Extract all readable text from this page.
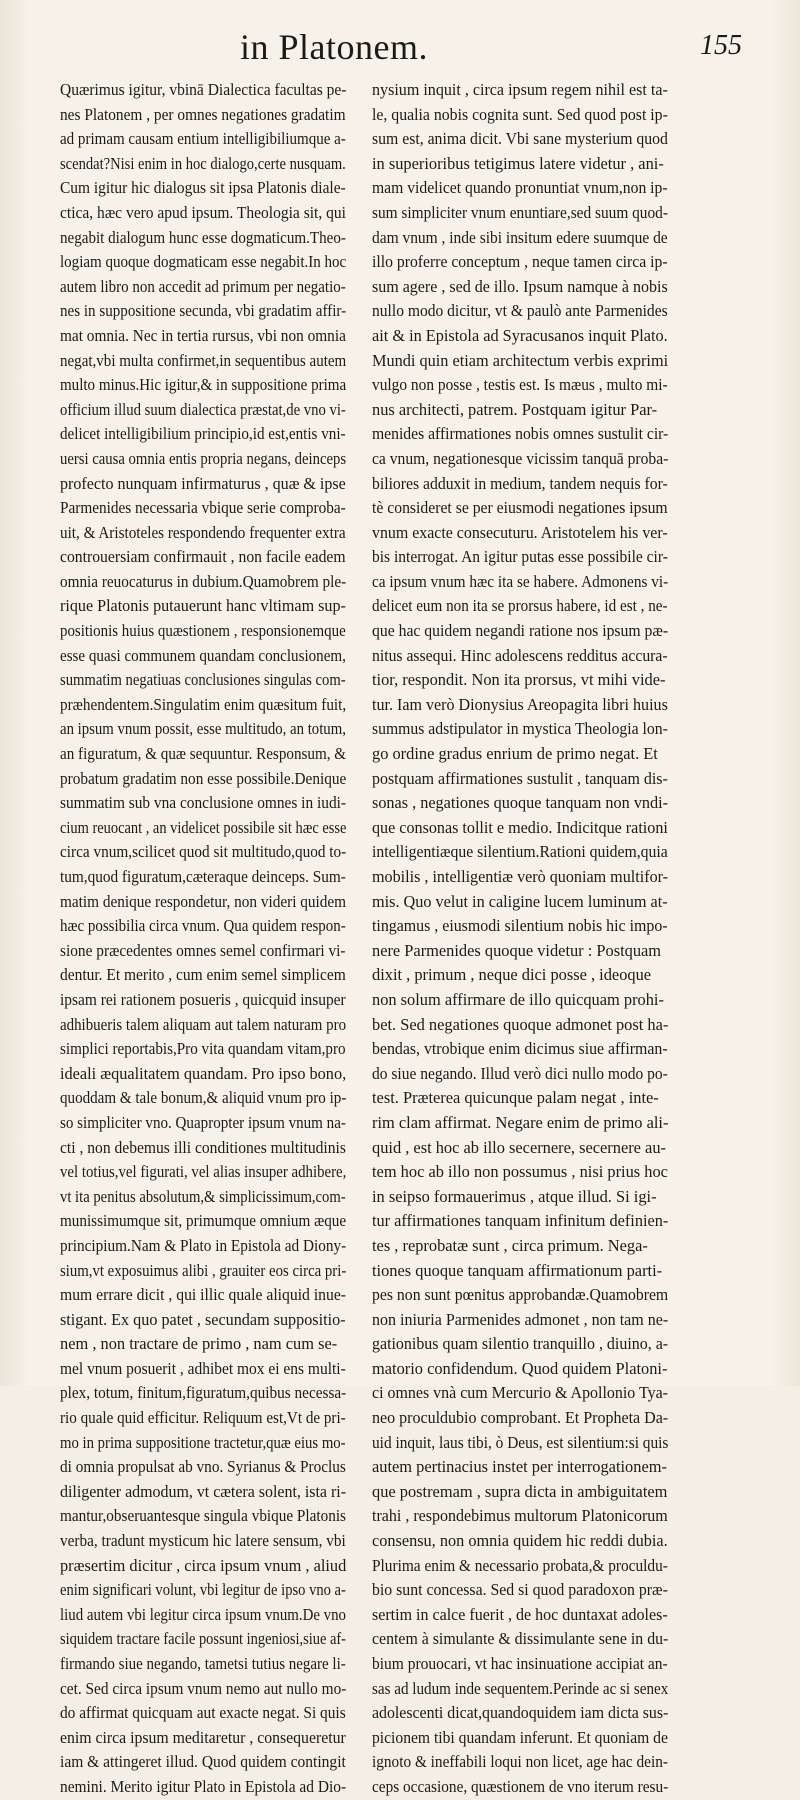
in Platonem.	155
Quærimus igitur, vbinā Dialectica facultas pe-
nes Platonem , per omnes negationes gradatim
ad primam causam entium intelligibiliumque a-
scendat?Nisi enim in hoc dialogo,certe nusquam.
Cum igitur hic dialogus sit ipsa Platonis diale-
ctica, hæc vero apud ipsum. Theologia sit, qui
negabit dialogum hunc esse dogmaticum.Theo-
logiam quoque dogmaticam esse negabit.In hoc
autem libro non accedit ad primum per negatio-
nes in suppositione secunda, vbi gradatim affir-
mat omnia. Nec in tertia rursus, vbi non omnia
negat,vbi multa confirmet,in sequentibus autem
multo minus.Hic igitur,& in suppositione prima
officium illud suum dialectica præstat,de vno vi-
delicet intelligibilium principio,id est,entis vni-
uersi causa omnia entis propria negans, deinceps
profecto nunquam infirmaturus , quæ & ipse
Parmenides necessaria vbique serie comproba-
uit, & Aristoteles respondendo frequenter extra
controuersiam confirmauit , non facile eadem
omnia reuocaturus in dubium.Quamobrem ple-
rique Platonis putauerunt hanc vltimam sup-
positionis huius quæstionem , responsionemque
esse quasi communem quandam conclusionem,
summatim negatiuas conclusiones singulas com-
præhendentem.Singulatim enim quæsitum fuit,
an ipsum vnum possit, esse multitudo, an totum,
an figuratum, & quæ sequuntur. Responsum, &
probatum gradatim non esse possibile.Denique
summatim sub vna conclusione omnes in iudi-
cium reuocant , an videlicet possibile sit hæc esse
circa vnum,scilicet quod sit multitudo,quod to-
tum,quod figuratum,cæteraque deinceps. Sum-
matim denique respondetur, non videri quidem
hæc possibilia circa vnum. Qua quidem respon-
sione præcedentes omnes semel confirmari vi-
dentur. Et merito , cum enim semel simplicem
ipsam rei rationem posueris , quicquid insuper
adhibueris talem aliquam aut talem naturam pro
simplici reportabis,Pro vita quandam vitam,pro
ideali æqualitatem quandam. Pro ipso bono,
quoddam & tale bonum,& aliquid vnum pro ip-
so simpliciter vno. Quapropter ipsum vnum na-
cti , non debemus illi conditiones multitudinis
vel totius,vel figurati, vel alias insuper adhibere,
vt ita penitus absolutum,& simplicissimum,com-
munissimumque sit, primumque omnium æque
principium.Nam & Plato in Epistola ad Diony-
sium,vt exposuimus alibi , grauiter eos circa pri-
mum errare dicit , qui illic quale aliquid inue-
stigant. Ex quo patet , secundam suppositio-
nem , non tractare de primo , nam cum se-
mel vnum posuerit , adhibet mox ei ens multi-
plex, totum, finitum,figuratum,quibus necessa-
rio quale quid efficitur. Reliquum est,Vt de pri-
mo in prima suppositione tractetur,quæ eius mo-
di omnia propulsat ab vno. Syrianus & Proclus
diligenter admodum, vt cætera solent, ista ri-
mantur,obseruantesque singula vbique Platonis
verba, tradunt mysticum hic latere sensum, vbi
præsertim dicitur , circa ipsum vnum , aliud
enim significari volunt, vbi legitur de ipso vno a-
liud autem vbi legitur circa ipsum vnum.De vno
siquidem tractare facile possunt ingeniosi,siue af-
firmando siue negando, tametsi tutius negare li-
cet. Sed circa ipsum vnum nemo aut nullo mo-
do affirmat quicquam aut exacte negat. Si quis
enim circa ipsum meditaretur , consequeretur
iam & attingeret illud. Quod quidem contingit
nemini. Merito igitur Plato in Epistola ad Dio-
nysium inquit , circa ipsum regem nihil est ta-
le, qualia nobis cognita sunt. Sed quod post ip-
sum est, anima dicit. Vbi sane mysterium quod
in superioribus tetigimus latere videtur , ani-
mam videlicet quando pronuntiat vnum,non ip-
sum simpliciter vnum enuntiare,sed suum quod-
dam vnum , inde sibi insitum edere suumque de
illo proferre conceptum , neque tamen circa ip-
sum agere , sed de illo. Ipsum namque à nobis
nullo modo dicitur, vt & paulò ante Parmenides
ait & in Epistola ad Syracusanos inquit Plato.
Mundi quin etiam architectum verbis exprimi
vulgo non posse , testis est. Is mæus , multo mi-
nus architecti, patrem. Postquam igitur Par-
menides affirmationes nobis omnes sustulit cir-
ca vnum, negationesque vicissim tanquā proba-
biliores adduxit in medium, tandem nequis for-
tè consideret se per eiusmodi negationes ipsum
vnum exacte consecuturu. Aristotelem his ver-
bis interrogat. An igitur putas esse possibile cir-
ca ipsum vnum hæc ita se habere. Admonens vi-
delicet eum non ita se prorsus habere, id est , ne-
que hac quidem negandi ratione nos ipsum pæ-
nitus assequi. Hinc adolescens redditus accura-
tior, respondit. Non ita prorsus, vt mihi vide-
tur. Iam verò Dionysius Areopagita libri huius
summus adstipulator in mystica Theologia lon-
go ordine gradus enrium de primo negat. Et
postquam affirmationes sustulit , tanquam dis-
sonas , negationes quoque tanquam non vndi-
que consonas tollit e medio. Indicitque rationi
intelligentiæque silentium.Rationi quidem,quia
mobilis , intelligentiæ verò quoniam multifor-
mis. Quo velut in caligine lucem luminum at-
tingamus , eiusmodi silentium nobis hic impo-
nere Parmenides quoque videtur : Postquam
dixit , primum , neque dici posse , ideoque
non solum affirmare de illo quicquam prohi-
bet. Sed negationes quoque admonet post ha-
bendas, vtrobique enim dicimus siue affirman-
do siue negando. Illud verò dici nullo modo po-
test. Præterea quicunque palam negat , inte-
rim clam affirmat. Negare enim de primo ali-
quid , est hoc ab illo secernere, secernere au-
tem hoc ab illo non possumus , nisi prius hoc
in seipso formauerimus , atque illud. Si igi-
tur affirmationes tanquam infinitum definien-
tes , reprobatæ sunt , circa primum. Nega-
tiones quoque tanquam affirmationum parti-
pes non sunt pœnitus approbandæ.Quamobrem
non iniuria Parmenides admonet , non tam ne-
gationibus quam silentio tranquillo , diuino, a-
matorio confidendum. Quod quidem Platoni-
ci omnes vnà cum Mercurio & Apollonio Tya-
neo proculdubio comprobant. Et Propheta Da-
uid inquit, laus tibi, ò Deus, est silentium:si quis
autem pertinacius instet per interrogationem-
que postremam , supra dicta in ambiguitatem
trahi , respondebimus multorum Platonicorum
consensu, non omnia quidem hic reddi dubia.
Plurima enim & necessario probata,& proculdu-
bio sunt concessa. Sed si quod paradoxon præ-
sertim in calce fuerit , de hoc duntaxat adoles-
centem à simulante & dissimulante sene in du-
bium prouocari, vt hac insinuatione accipiat an-
sas ad ludum inde sequentem.Perinde ac si senex
adolescenti dicat,quandoquidem iam dicta sus-
picionem tibi quandam inferunt. Et quoniam de
ignoto & ineffabili loqui non licet, age hac dein-
ceps occasione, quæstionem de vno iterum resu-
